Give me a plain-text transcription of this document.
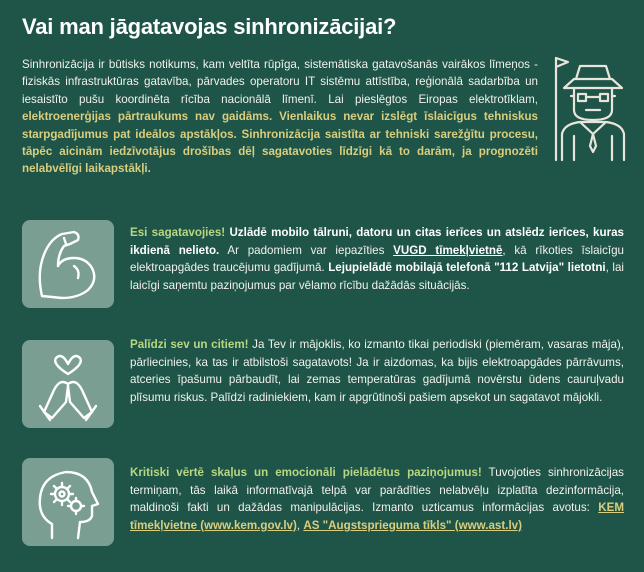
Vai man jāgatavojas sinhronizācijai?
Sinhronizācija ir būtisks notikums, kam veltīta rūpīga, sistemātiska gatavošanās vairākos līmeņos - fiziskās infrastruktūras gatavība, pārvades operatoru IT sistēmu attīstība, reģionālā sadarbība un iesaistīto pušu koordinēta rīcība nacionālā līmenī. Lai pieslēgtos Eiropas elektrotīklam, elektroenerģijas pārtraukums nav gaidāms. Vienlaikus nevar izslēgt īslaicīgus tehniskus starpgadījumus pat ideālos apstākļos. Sinhronizācija saistīta ar tehniski sarežģītu procesu, tāpēc aicinām iedzīvotājus drošības dēļ sagatavoties līdzīgi kā to darām, ja prognozēti nelabvēlīgi laikapstākļi.
Esi sagatavojies! Uzlādē mobilo tālruni, datoru un citas ierīces un atslēdz ierīces, kuras ikdienā nelieto. Ar padomiem var iepazīties VUGD tīmekļvietnē, kā rīkoties īslaicīgu elektroapgādes traucējumu gadījumā. Lejupielādē mobilajā telefonā "112 Latvija" lietotni, lai laicīgi saņemtu paziņojumus par vēlamo rīcību dažādās situācijās.
Palīdzi sev un citiem! Ja Tev ir mājoklis, ko izmanto tikai periodiski (piemēram, vasaras māja), pārliecinies, ka tas ir atbilstoši sagatavots! Ja ir aizdomas, ka bijis elektroapgādes pārrāvums, atceries īpašumu pārbaudīt, lai zemas temperatūras gadījumā novērstu ūdens cauruļvadu plīsumu riskus. Palīdzi radiniekiem, kam ir apgrūtinoši pašiem apsekot un sagatavot mājokli.
Kritiski vērtē skaļus un emocionāli pielādētus paziņojumus! Tuvojoties sinhronizācijas termiņam, tās laikā informatīvajā telpā var parādīties nelabvēļu izplatīta dezinformācija, maldinoši fakti un dažādas manipulācijas. Izmanto uzticamus informācijas avotus: KEM tīmekļvietne (www.kem.gov.lv), AS "Augstsprieguma tīkls" (www.ast.lv)
